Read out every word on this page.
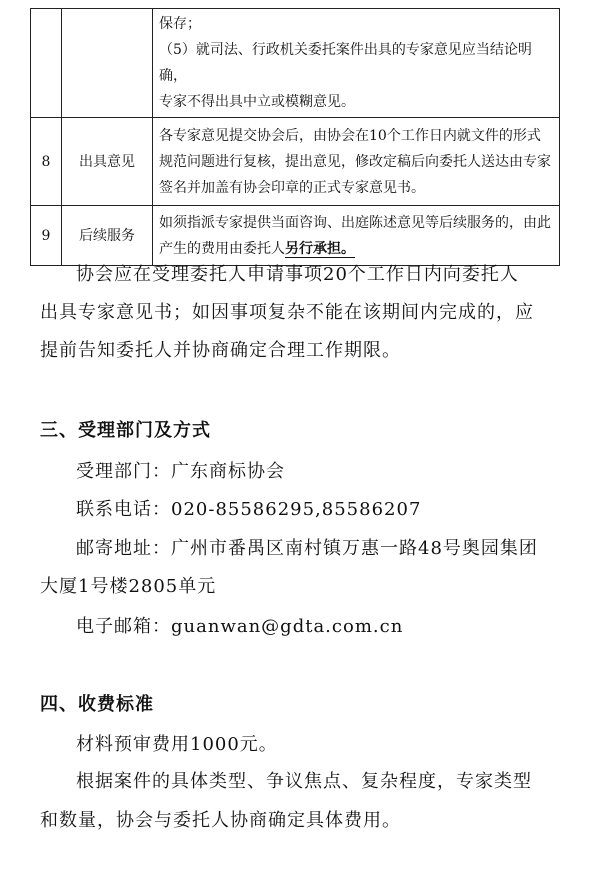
		保存；
（5）就司法、行政机关委托案件出具的专家意见应当结论明确，
专家不得出具中立或模糊意见。

8	出具意见	各专家意见提交协会后，由协会在10个工作日内就文件的形式
规范问题进行复核，提出意见，修改定稿后向委托人送达由专家
签名并加盖有协会印章的正式专家意见书。

9	后续服务	如须指派专家提供当面咨询、出庭陈述意见等后续服务的，由此
产生的费用由委托人另行承担。
协会应在受理委托人申请事项20个工作日内向委托人
出具专家意见书；如因事项复杂不能在该期间内完成的，应
提前告知委托人并协商确定合理工作期限。
三、受理部门及方式
受理部门：广东商标协会
联系电话：020-85586295,85586207
邮寄地址：广州市番禺区南村镇万惠一路48号奥园集团
大厦1号楼2805单元
电子邮箱：guanwan@gdta.com.cn
四、收费标准
材料预审费用1000元。
根据案件的具体类型、争议焦点、复杂程度，专家类型
和数量，协会与委托人协商确定具体费用。
